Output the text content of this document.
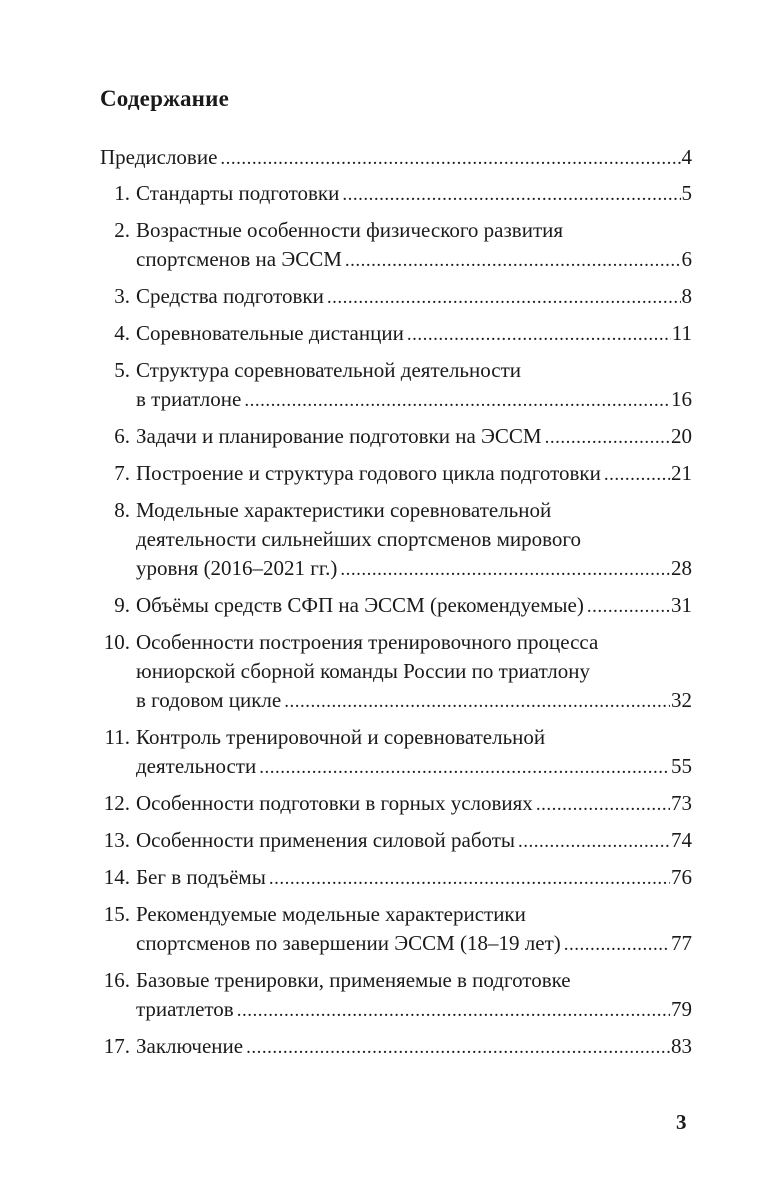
Содержание
Предисловие .....	4
1. Стандарты подготовки .....	5
2. Возрастные особенности физического развития
спортсменов на ЭССМ .....	6
3. Средства подготовки .....	8
4. Соревновательные дистанции .....	11
5. Структура соревновательной деятельности
в триатлоне .....	16
6. Задачи и планирование подготовки на ЭССМ .....	20
7. Построение и структура годового цикла подготовки .....	21
8. Модельные характеристики соревновательной
деятельности сильнейших спортсменов мирового
уровня (2016–2021 гг.) .....	28
9. Объёмы средств СФП на ЭССМ (рекомендуемые) .....	31
10. Особенности построения тренировочного процесса
юниорской сборной команды России по триатлону
в годовом цикле .....	32
11. Контроль тренировочной и соревновательной
деятельности .....	55
12. Особенности подготовки в горных условиях .....	73
13. Особенности применения силовой работы .....	74
14. Бег в подъёмы .....	76
15. Рекомендуемые модельные характеристики
спортсменов по завершении ЭССМ (18–19 лет) .....	77
16. Базовые тренировки, применяемые в подготовке
триатлетов .....	79
17. Заключение .....	83
3
